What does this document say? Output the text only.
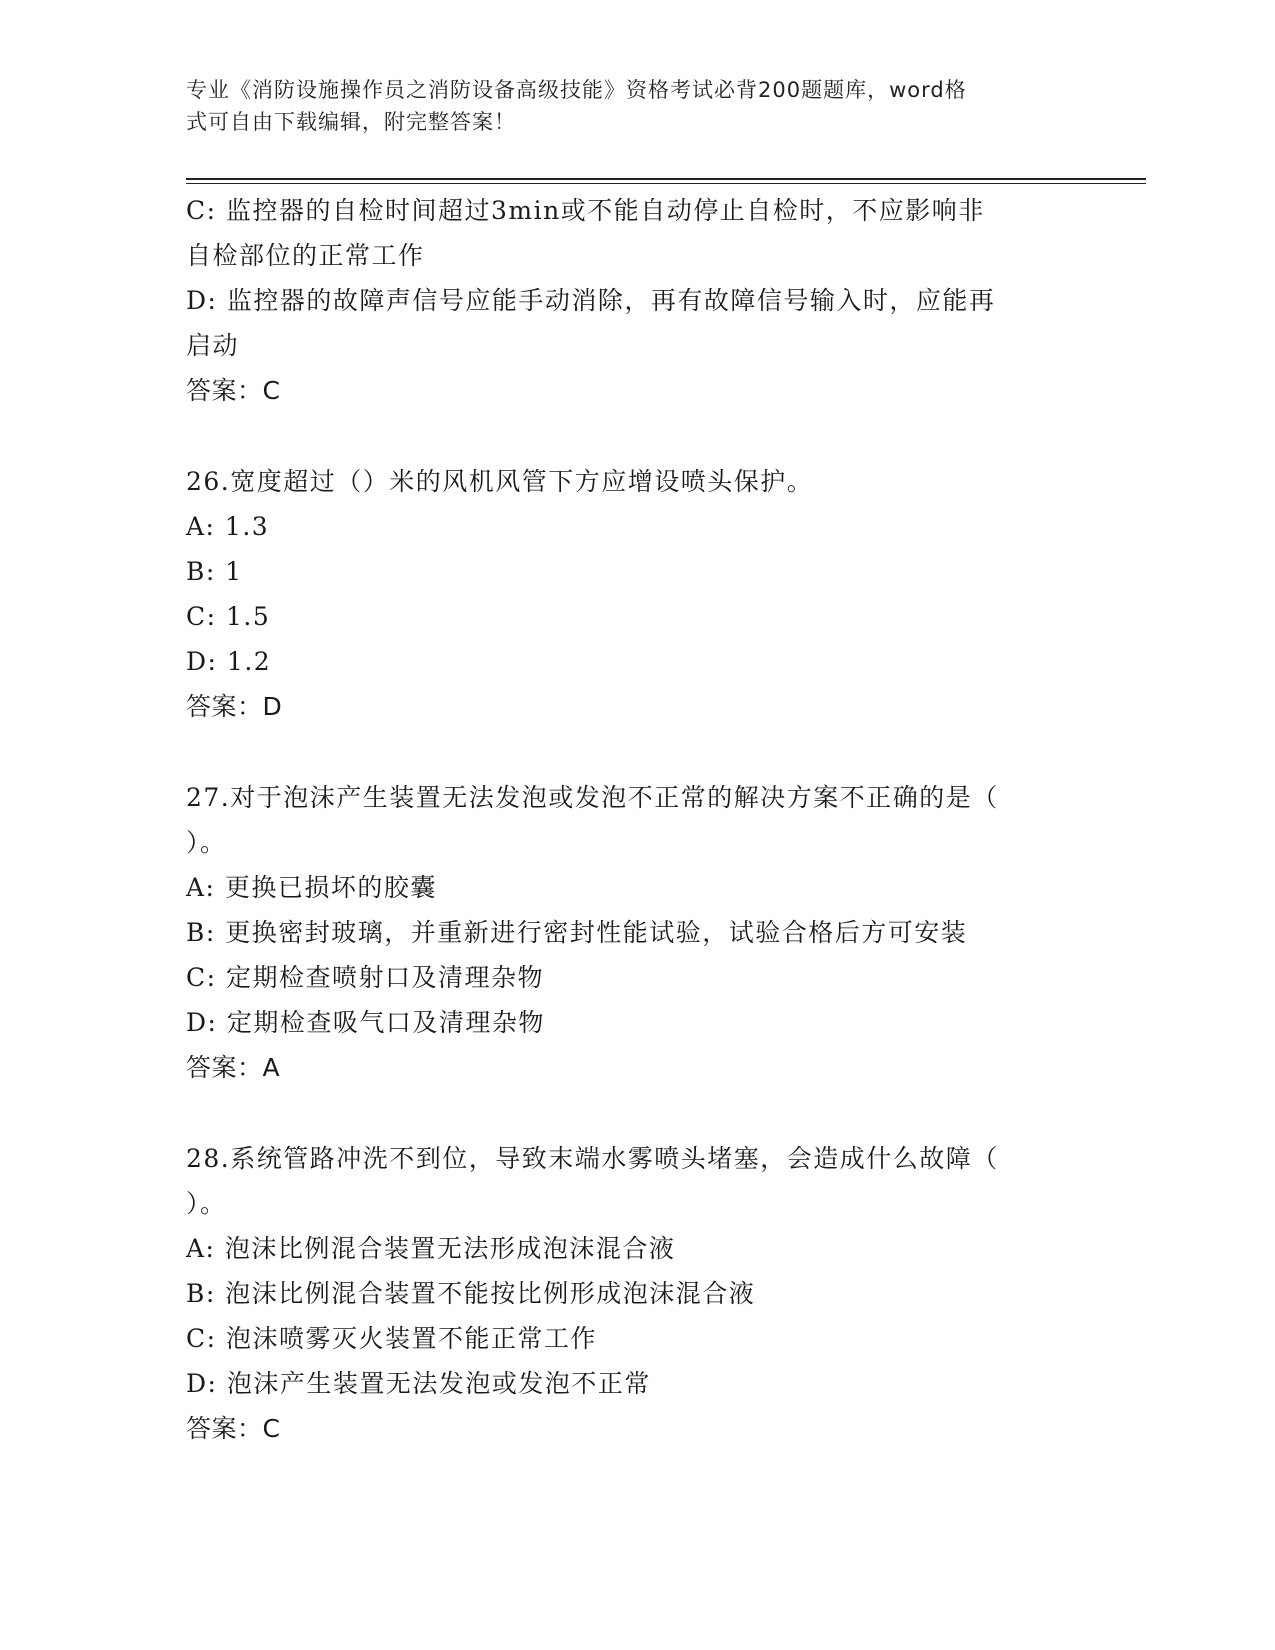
专业《消防设施操作员之消防设备高级技能》资格考试必背200题题库，word格
式可自由下载编辑，附完整答案！
C: 监控器的自检时间超过3min或不能自动停止自检时，不应影响非
自检部位的正常工作
D: 监控器的故障声信号应能手动消除，再有故障信号输入时，应能再
启动
答案：C
26.宽度超过（）米的风机风管下方应增设喷头保护。
A: 1.3
B: 1
C: 1.5
D: 1.2
答案：D
27.对于泡沫产生装置无法发泡或发泡不正常的解决方案不正确的是（
）。
A: 更换已损坏的胶囊
B: 更换密封玻璃，并重新进行密封性能试验，试验合格后方可安装
C: 定期检查喷射口及清理杂物
D: 定期检查吸气口及清理杂物
答案：A
28.系统管路冲洗不到位，导致末端水雾喷头堵塞，会造成什么故障（
）。
A: 泡沫比例混合装置无法形成泡沫混合液
B: 泡沫比例混合装置不能按比例形成泡沫混合液
C: 泡沫喷雾灭火装置不能正常工作
D: 泡沫产生装置无法发泡或发泡不正常
答案：C
